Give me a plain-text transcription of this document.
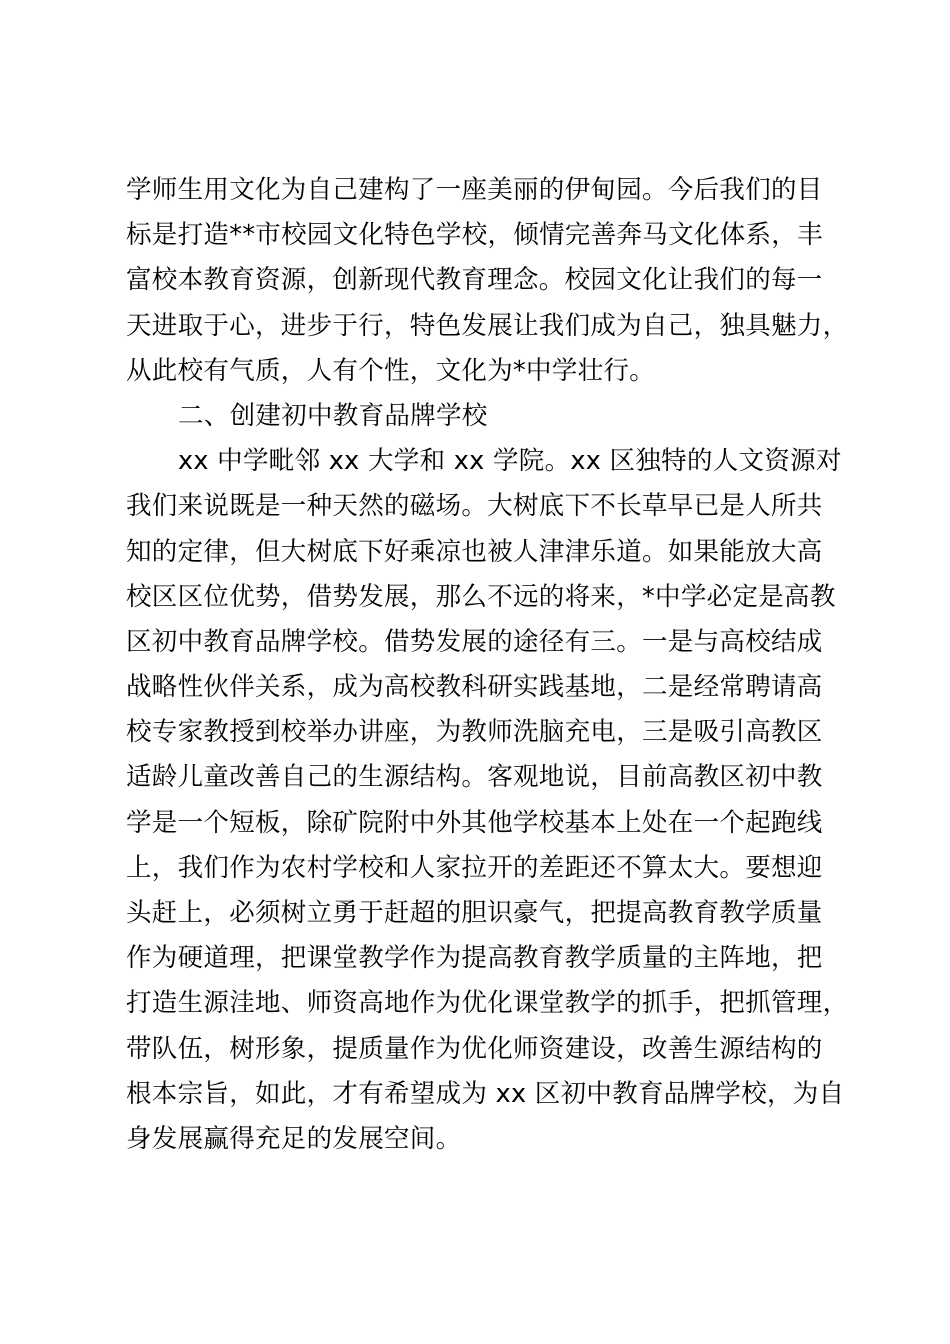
学师生用文化为自己建构了一座美丽的伊甸园。今后我们的目
标是打造**市校园文化特色学校，倾情完善奔马文化体系，丰
富校本教育资源，创新现代教育理念。校园文化让我们的每一
天进取于心，进步于行，特色发展让我们成为自己，独具魅力，
从此校有气质，人有个性，文化为*中学壮行。
二、创建初中教育品牌学校
xx 中学毗邻 xx 大学和 xx 学院。xx 区独特的人文资源对
我们来说既是一种天然的磁场。大树底下不长草早已是人所共
知的定律，但大树底下好乘凉也被人津津乐道。如果能放大高
校区区位优势，借势发展，那么不远的将来，*中学必定是高教
区初中教育品牌学校。借势发展的途径有三。一是与高校结成
战略性伙伴关系，成为高校教科研实践基地，二是经常聘请高
校专家教授到校举办讲座，为教师洗脑充电，三是吸引高教区
适龄儿童改善自己的生源结构。客观地说，目前高教区初中教
学是一个短板，除矿院附中外其他学校基本上处在一个起跑线
上，我们作为农村学校和人家拉开的差距还不算太大。要想迎
头赶上，必须树立勇于赶超的胆识豪气，把提高教育教学质量
作为硬道理，把课堂教学作为提高教育教学质量的主阵地，把
打造生源洼地、师资高地作为优化课堂教学的抓手，把抓管理，
带队伍，树形象，提质量作为优化师资建设，改善生源结构的
根本宗旨，如此，才有希望成为 xx 区初中教育品牌学校，为自
身发展赢得充足的发展空间。
